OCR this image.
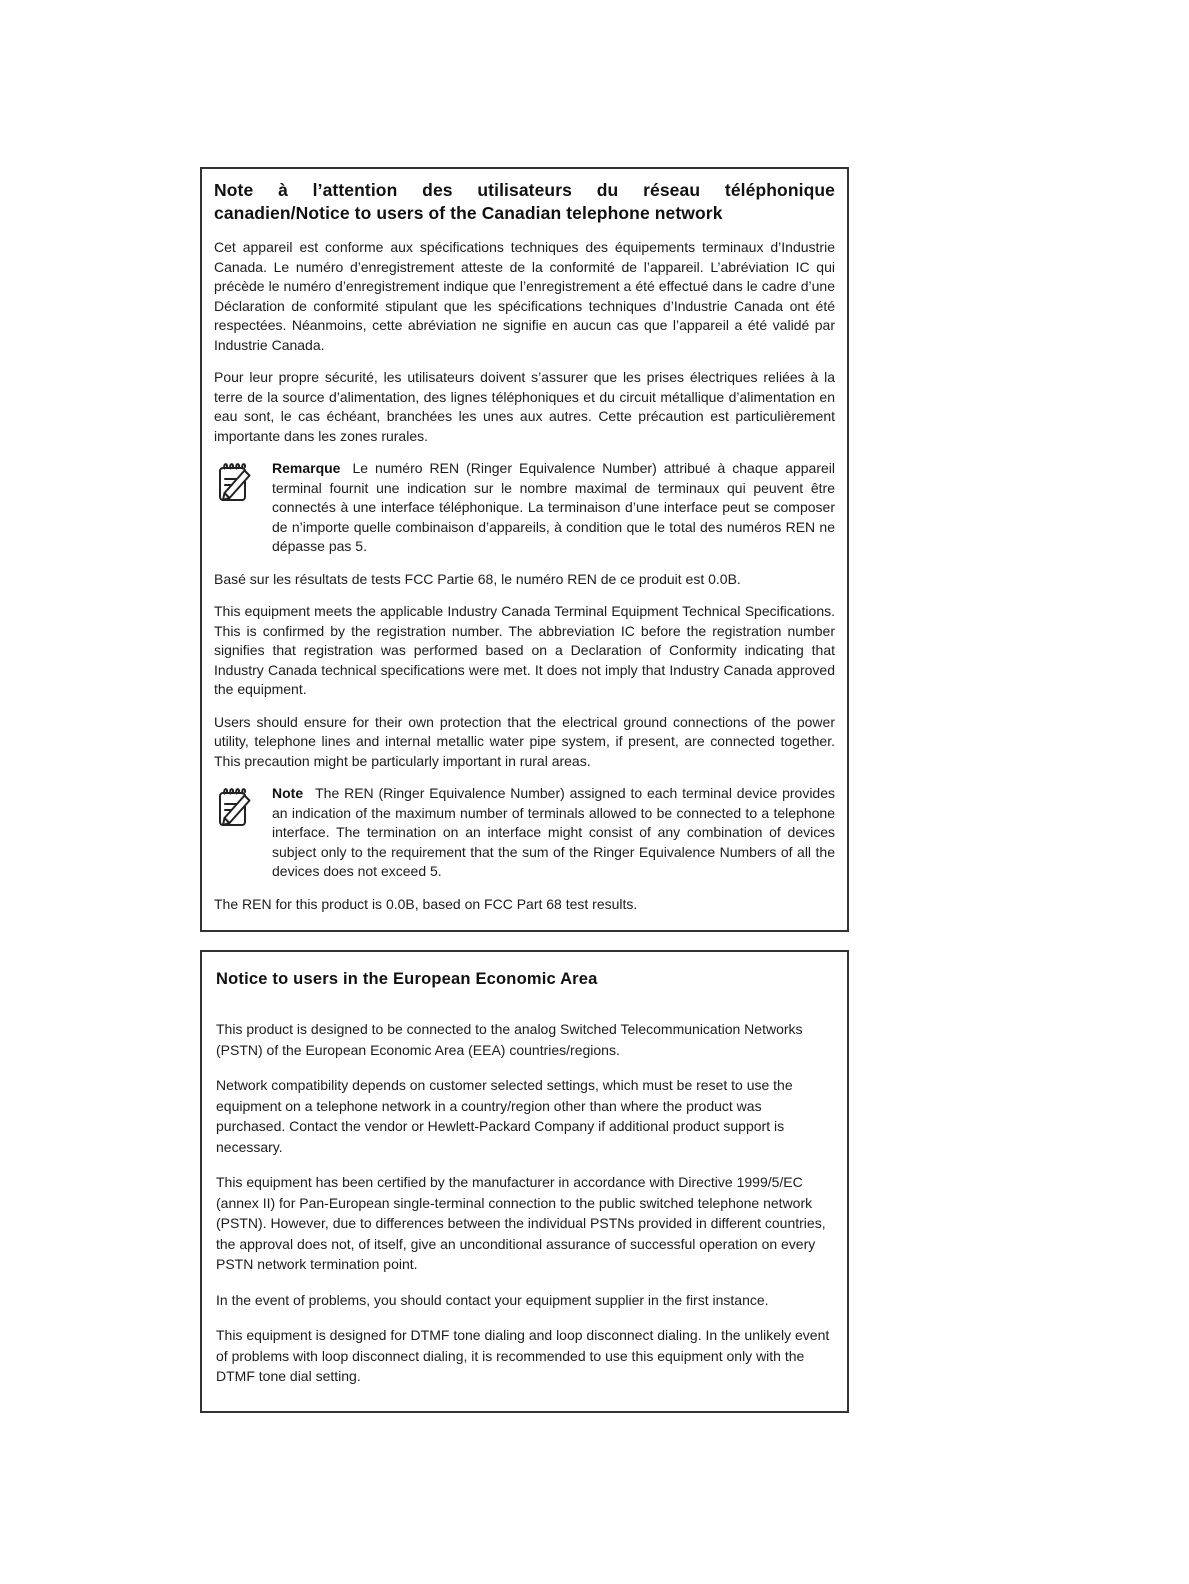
Note à l’attention des utilisateurs du réseau téléphonique canadien/Notice to users of the Canadian telephone network

Cet appareil est conforme aux spécifications techniques des équipements terminaux d’Industrie Canada. Le numéro d’enregistrement atteste de la conformité de l’appareil. L’abréviation IC qui précède le numéro d’enregistrement indique que l’enregistrement a été effectué dans le cadre d’une Déclaration de conformité stipulant que les spécifications techniques d’Industrie Canada ont été respectées. Néanmoins, cette abréviation ne signifie en aucun cas que l’appareil a été validé par Industrie Canada.

Pour leur propre sécurité, les utilisateurs doivent s’assurer que les prises électriques reliées à la terre de la source d’alimentation, des lignes téléphoniques et du circuit métallique d’alimentation en eau sont, le cas échéant, branchées les unes aux autres. Cette précaution est particulièrement importante dans les zones rurales.

Remarque Le numéro REN (Ringer Equivalence Number) attribué à chaque appareil terminal fournit une indication sur le nombre maximal de terminaux qui peuvent être connectés à une interface téléphonique. La terminaison d’une interface peut se composer de n’importe quelle combinaison d’appareils, à condition que le total des numéros REN ne dépasse pas 5.

Basé sur les résultats de tests FCC Partie 68, le numéro REN de ce produit est 0.0B.

This equipment meets the applicable Industry Canada Terminal Equipment Technical Specifications. This is confirmed by the registration number. The abbreviation IC before the registration number signifies that registration was performed based on a Declaration of Conformity indicating that Industry Canada technical specifications were met. It does not imply that Industry Canada approved the equipment.

Users should ensure for their own protection that the electrical ground connections of the power utility, telephone lines and internal metallic water pipe system, if present, are connected together. This precaution might be particularly important in rural areas.

Note The REN (Ringer Equivalence Number) assigned to each terminal device provides an indication of the maximum number of terminals allowed to be connected to a telephone interface. The termination on an interface might consist of any combination of devices subject only to the requirement that the sum of the Ringer Equivalence Numbers of all the devices does not exceed 5.

The REN for this product is 0.0B, based on FCC Part 68 test results.

Notice to users in the European Economic Area

This product is designed to be connected to the analog Switched Telecommunication Networks (PSTN) of the European Economic Area (EEA) countries/regions.

Network compatibility depends on customer selected settings, which must be reset to use the equipment on a telephone network in a country/region other than where the product was purchased. Contact the vendor or Hewlett-Packard Company if additional product support is necessary.

This equipment has been certified by the manufacturer in accordance with Directive 1999/5/EC (annex II) for Pan-European single-terminal connection to the public switched telephone network (PSTN). However, due to differences between the individual PSTNs provided in different countries, the approval does not, of itself, give an unconditional assurance of successful operation on every PSTN network termination point.

In the event of problems, you should contact your equipment supplier in the first instance.

This equipment is designed for DTMF tone dialing and loop disconnect dialing. In the unlikely event of problems with loop disconnect dialing, it is recommended to use this equipment only with the DTMF tone dial setting.
